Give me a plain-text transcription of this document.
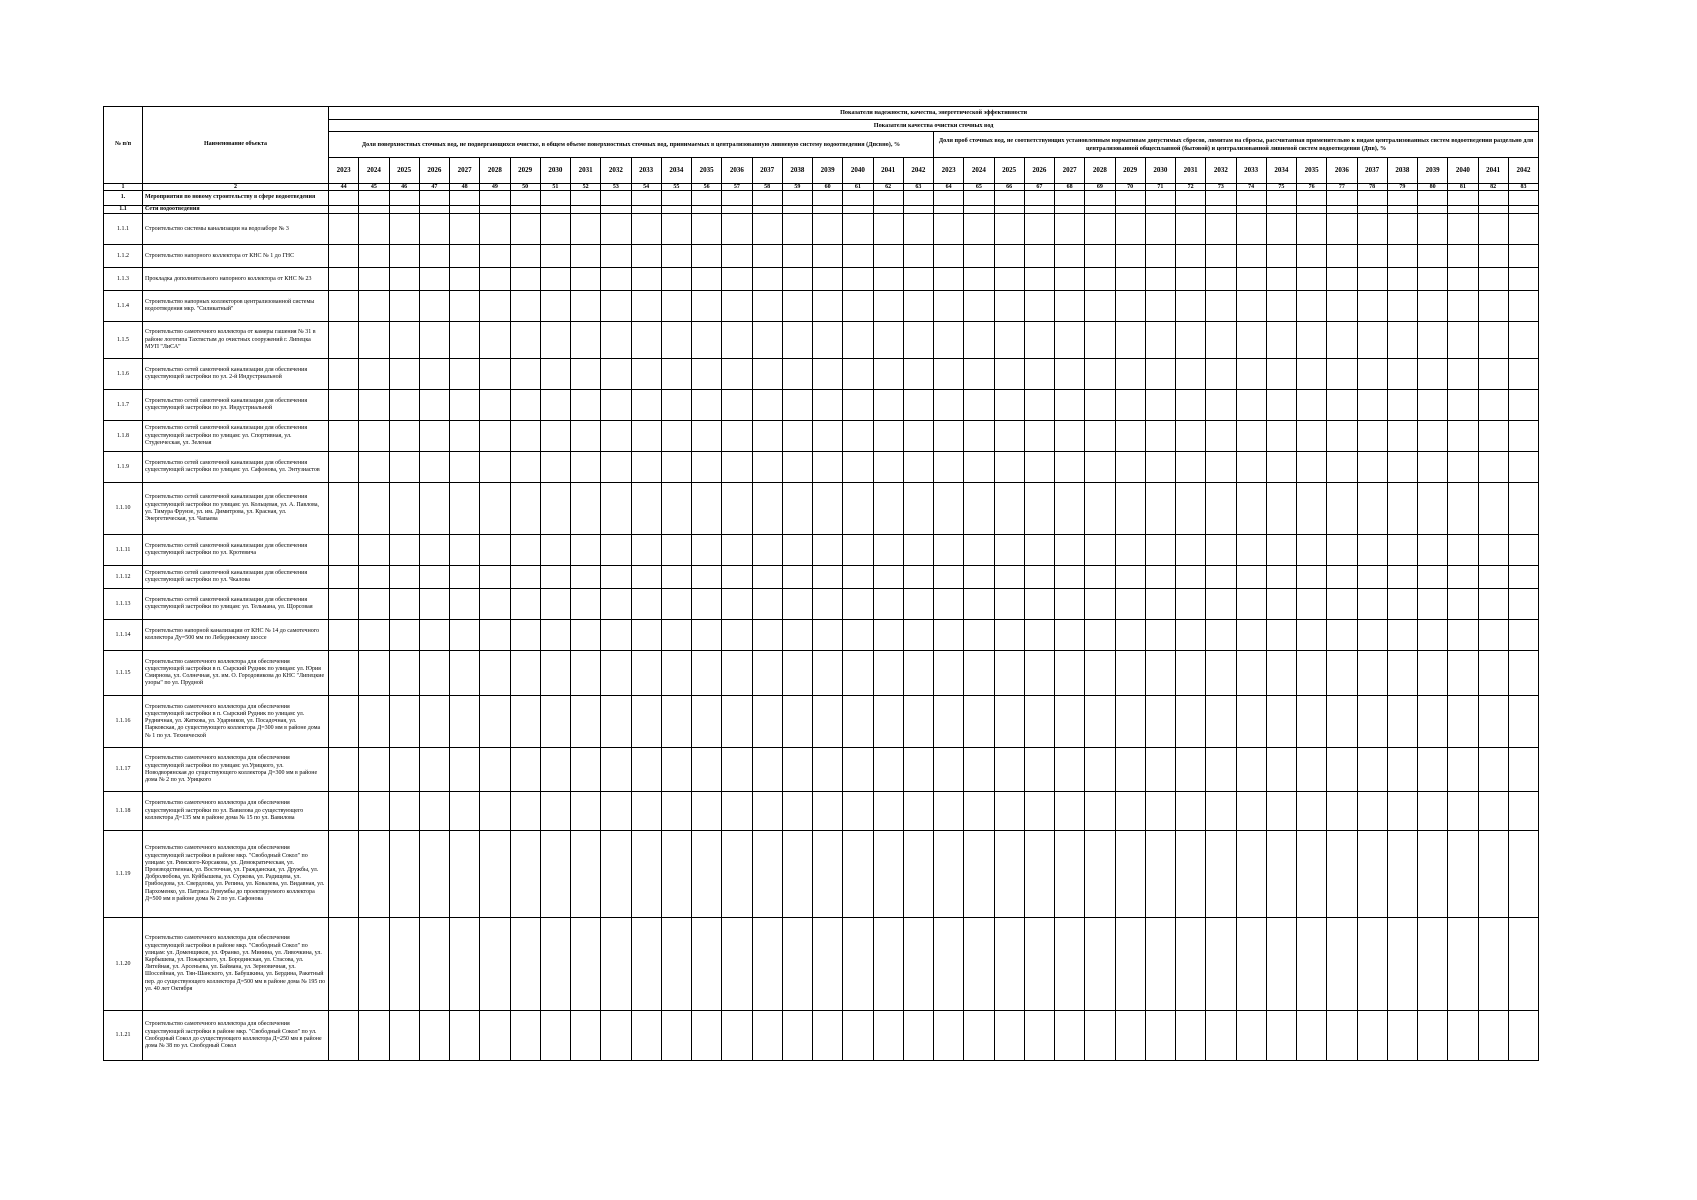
№ п/п	Наименование объекта	Показатели надежности, качества, энергетической эффективности																																							
		Показатели качества очистки сточных вод																																							
		Доля поверхностных сточных вод, не подвергающихся очистке, в общем объеме поверхностных сточных вод, принимаемых в централизованную ливневую систему водоотведения (Дпсвно), %																				Доля проб сточных вод, не соответствующих установленным нормативам допустимых сбросов, лимитам на сбросы, рассчитанная применительно к видам централизованных систем водоотведения раздельно для централизованной общесплавной (бытовой) и централизованной ливневой систем водоотведения (Дпв), %																			
		2023	2024	2025	2026	2027	2028	2029	2030	2031	2032	2033	2034	2035	2036	2037	2038	2039	2040	2041	2042	2023	2024	2025	2026	2027	2028	2029	2030	2031	2032	2033	2034	2035	2036	2037	2038	2039	2040	2041	2042
1	2	44	45	46	47	48	49	50	51	52	53	54	55	56	57	58	59	60	61	62	63	64	65	66	67	68	69	70	71	72	73	74	75	76	77	78	79	80	81	82	83
1.	Мероприятия по новому строительству в сфере водоотведения																																								
1.1	Сети водоотведения																																								
1.1.1	Строительство системы канализации на водозаборе № 3																																								
1.1.2	Строительство напорного коллектора от КНС № 1 до ГНС																																								
1.1.3	Прокладка дополнительного напорного коллектора от КНС № 23																																								
1.1.4	Строительство напорных коллекторов централизованной системы водоотведения мкр. "Силикатный"																																								
1.1.5	Строительство самотечного коллектора от камеры гашения № 31 в районе логотипа Тахтистым до очистных сооружений г. Липецка МУП "ЛиСА"																																								
1.1.6	Строительство сетей самотечной канализации для обеспечения существующей застройки по ул. 2-й Индустриальной																																								
1.1.7	Строительство сетей самотечной канализации для обеспечения существующей застройки по ул. Индустриальной																																								
1.1.8	Строительство сетей самотечной канализации для обеспечения существующей застройки по улицам: ул. Спортивная, ул. Студенческая, ул. Зеленая																																								
1.1.9	Строительство сетей самотечной канализации для обеспечения существующей застройки по улицам: ул. Сафонова, ул. Энтузиастов																																								
1.1.10	Строительство сетей самотечной канализации для обеспечения существующей застройки по улицам: ул. Кольцевая, ул. А. Павлова, ул. Тимура Фрунзе, ул. им. Димитрова, ул. Красная, ул. Энергетическая, ул. Чапаева																																								
1.1.11	Строительство сетей самотечной канализации для обеспечения существующей застройки по ул. Кротевича																																								
1.1.12	Строительство сетей самотечной канализации для обеспечения существующей застройки по ул. Чкалова																																								
1.1.13	Строительство сетей самотечной канализации для обеспечения существующей застройки по улицам: ул. Тельмана, ул. Щорсовая																																								
1.1.14	Строительство напорной канализации от КНС № 14 до самотечного коллектора Ду=500 мм по Лебединскому шоссе																																								
1.1.15	Строительство самотечного коллектора для обеспечения существующей застройки в п. Сырский Рудник по улицам: ул. Юрия Смирнова, ул. Солнечная, ул. им. О. Городовикова до КНС "Липецкие узоры" по ул. Прудной																																								
1.1.16	Строительство самотечного коллектора для обеспечения существующей застройки в п. Сырский Рудник по улицам: ул. Рудничная, ул. Жаткова, ул. Ударников, ул. Посадочная, ул. Парковская, до существующего коллектора Д=300 мм в районе дома № 1 по ул. Технической																																								
1.1.17	Строительство самотечного коллектора для обеспечения существующей застройки по улицам: ул.Урицкого, ул. Новодворянская до существующего коллектора Д=300 мм в районе дома № 2 по ул. Урицкого																																								
1.1.18	Строительство самотечного коллектора для обеспечения существующей застройки по ул. Вавилова до существующего коллектора Д=135 мм в районе дома № 15 по ул. Вавилова																																								
1.1.19	Строительство самотечного коллектора для обеспечения существующей застройки в районе мкр. "Свободный Сокол" по улицам: ул. Римского-Корсакова, ул. Демократическая, ул. Производственная, ул. Восточная, ул. Гражданская, ул. Дружбы, ул. Добролюбова, ул. Куйбышева, ул. Суркова, ул. Радищева, ул. Грибоедова, ул. Свердлова, ул. Репина, ул. Ковалева, ул. Видавная, ул. Пархоменко, ул. Патриса Лумумбы до проектируемого коллектора Д=500 мм в районе дома № 2 по ул. Сафонова																																								
1.1.20	Строительство самотечного коллектора для обеспечения существующей застройки в районе мкр. "Свободный Сокол" по улицам: ул. Доменщиков, ул. Франко, ул. Минина, ул. Ливочкина, ул. Карбышева, ул. Пожарского, ул. Бородинская, ул. Стасова, ул. Литейная, ул. Арсеньева, ул. Баймана, ул. Зерновичная, ул. Шоссейная, ул. Тян-Шанского, ул. Бабушкина, ул. Бердина, Ракетный пер. до существующего коллектора Д=500 мм в районе дома № 195 по ул. 40 лет Октября																																								
1.1.21	Строительство самотечного коллектора для обеспечения существующей застройки в районе мкр. "Свободный Сокол" по ул. Свободный Сокол до существующего коллектора Д=250 мм в районе дома № 38 по ул. Свободный Сокол																																								
